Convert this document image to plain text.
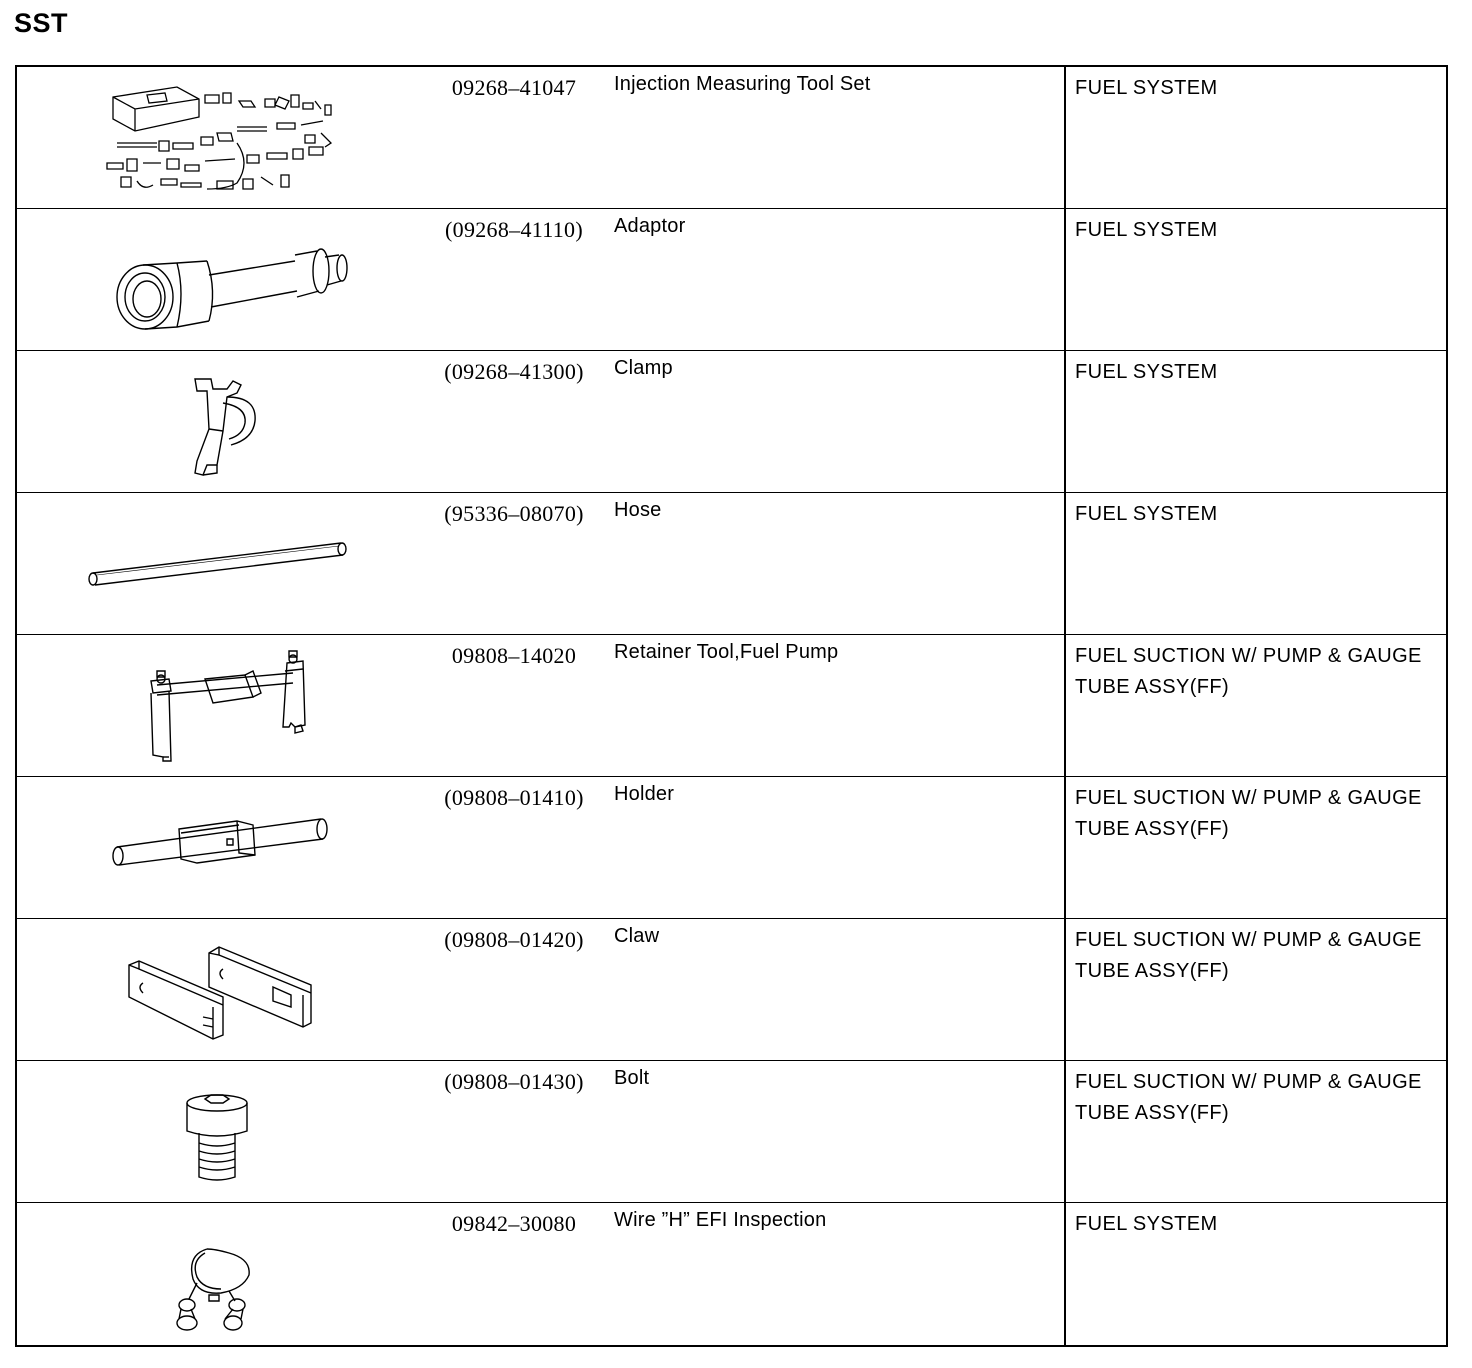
SST
09268–41047	Injection Measuring Tool Set	FUEL SYSTEM
(09268–41110)	Adaptor	FUEL SYSTEM
(09268–41300)	Clamp	FUEL SYSTEM
(95336–08070)	Hose	FUEL SYSTEM
09808–14020	Retainer Tool,Fuel Pump	FUEL SUCTION W/ PUMP & GAUGE
TUBE ASSY(FF)
(09808–01410)	Holder	FUEL SUCTION W/ PUMP & GAUGE
TUBE ASSY(FF)
(09808–01420)	Claw	FUEL SUCTION W/ PUMP & GAUGE
TUBE ASSY(FF)
(09808–01430)	Bolt	FUEL SUCTION W/ PUMP & GAUGE
TUBE ASSY(FF)
09842–30080	Wire ”H” EFI Inspection	FUEL SYSTEM
